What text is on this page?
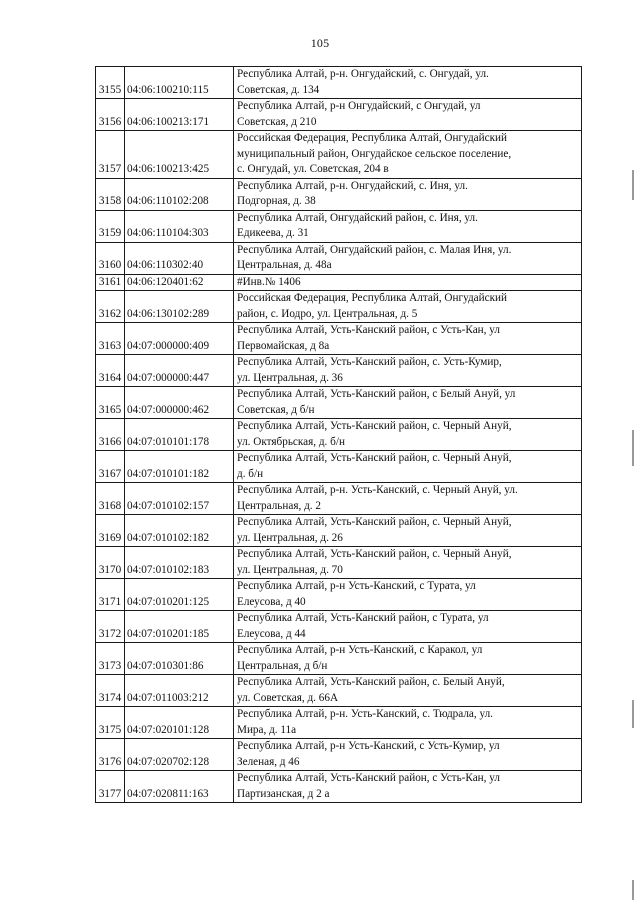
105
3155	04:06:100210:115	Республика Алтай, р-н. Онгудайский, с. Онгудай, ул.
Советская, д. 134

3156	04:06:100213:171	Республика Алтай, р-н Онгудайский, с Онгудай, ул
Советская, д 210

3157	04:06:100213:425	Российская Федерация, Республика Алтай, Онгудайский
муниципальный район, Онгудайское сельское поселение,
с. Онгудай, ул. Советская, 204 в

3158	04:06:110102:208	Республика Алтай, р-н. Онгудайский, с. Иня, ул.
Подгорная, д. 38

3159	04:06:110104:303	Республика Алтай, Онгудайский район, с. Иня, ул.
Едикеева, д. 31

3160	04:06:110302:40	Республика Алтай, Онгудайский район, с. Малая Иня, ул.
Центральная, д. 48а

3161	04:06:120401:62	#Инв.№ 1406

3162	04:06:130102:289	Российская Федерация, Республика Алтай, Онгудайский
район, с. Иодро, ул. Центральная, д. 5

3163	04:07:000000:409	Республика Алтай, Усть-Канский район, с Усть-Кан, ул
Первомайская, д 8а

3164	04:07:000000:447	Республика Алтай, Усть-Канский район, с. Усть-Кумир,
ул. Центральная, д. 36

3165	04:07:000000:462	Республика Алтай, Усть-Канский район, с Белый Ануй, ул
Советская, д б/н

3166	04:07:010101:178	Республика Алтай, Усть-Канский район, с. Черный Ануй,
ул. Октябрьская, д. б/н

3167	04:07:010101:182	Республика Алтай, Усть-Канский район, с. Черный Ануй,
д. б/н

3168	04:07:010102:157	Республика Алтай, р-н. Усть-Канский, с. Черный Ануй, ул.
Центральная, д. 2

3169	04:07:010102:182	Республика Алтай, Усть-Канский район, с. Черный Ануй,
ул. Центральная, д. 26

3170	04:07:010102:183	Республика Алтай, Усть-Канский район, с. Черный Ануй,
ул. Центральная, д. 70

3171	04:07:010201:125	Республика Алтай, р-н Усть-Канский, с Турата, ул
Елеусова, д 40

3172	04:07:010201:185	Республика Алтай, Усть-Канский район, с Турата, ул
Елеусова, д 44

3173	04:07:010301:86	Республика Алтай, р-н Усть-Канский, с Каракол, ул
Центральная, д б/н

3174	04:07:011003:212	Республика Алтай, Усть-Канский район, с. Белый Ануй,
ул. Советская, д. 66А

3175	04:07:020101:128	Республика Алтай, р-н. Усть-Канский, с. Тюдрала, ул.
Мира, д. 11а

3176	04:07:020702:128	Республика Алтай, р-н Усть-Канский, с Усть-Кумир, ул
Зеленая, д 46

3177	04:07:020811:163	Республика Алтай, Усть-Канский район, с Усть-Кан, ул
Партизанская, д 2 а
